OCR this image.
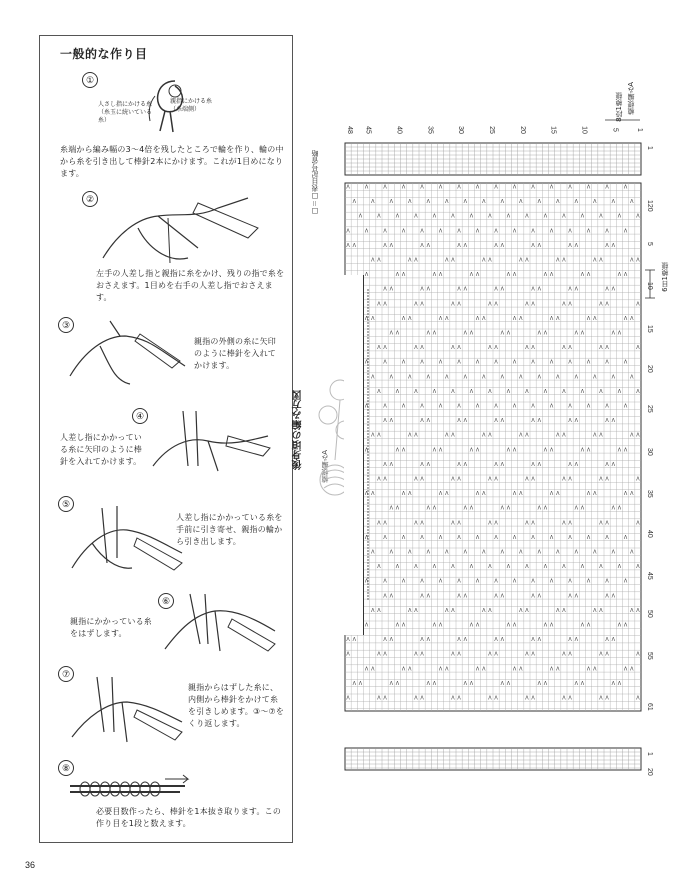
一般的な作り目
①
人さし指にかける糸（糸玉に続いている糸）
親指にかける糸（糸端側）
糸端から編み幅の3〜4倍を残したところで輪を作り、輪の中から糸を引き出して棒針2本にかけます。これが1目めになります。
②
左手の人差し指と親指に糸をかけ、残りの指で糸をおさえます。1目めを右手の人差し指でおさえます。
③
親指の外側の糸に矢印のように棒針を入れてかけます。
④
人差し指にかかっている糸に矢印のように棒針を入れてかけます。
⑤
人差し指にかかっている糸を手前に引き寄せ、親指の輪から引き出します。
⑥
親指にかかっている糸をはずします。
⑦
親指からはずした糸に、内側から棒針をかけて糸を引きしめます。③〜⑦をくり返します。
⑧
必要目数作ったら、棒針を1本抜き取ります。この作り目を1段と数えます。
後身頃の編み方図
□＝□表目記号省略
模様編みA
8段1模様
6目1模様
模様編みA
Λ	Λ	Λ	Λ	Λ	Λ	Λ	Λ	Λ	Λ	Λ	Λ	Λ	Λ	Λ	Λ
Λ	Λ	Λ	Λ	Λ	Λ	Λ	Λ	Λ	Λ	Λ	Λ	Λ	Λ	Λ	Λ
Λ	Λ	Λ	Λ	Λ	Λ	Λ	Λ	Λ	Λ	Λ	Λ	Λ	Λ	Λ	Λ
Λ	Λ	Λ	Λ	Λ	Λ	Λ	Λ	Λ	Λ	Λ	Λ	Λ	Λ	Λ	Λ
Λ Λ	Λ Λ	Λ Λ	Λ Λ	Λ Λ	Λ Λ	Λ Λ	Λ Λ
Λ Λ	Λ Λ	Λ Λ	Λ Λ	Λ Λ	Λ Λ	Λ Λ	Λ Λ
Λ	Λ Λ	Λ Λ	Λ Λ	Λ Λ	Λ Λ	Λ Λ	Λ Λ
Λ Λ	Λ Λ	Λ Λ	Λ Λ	Λ Λ	Λ Λ	Λ Λ
Λ Λ	Λ Λ	Λ Λ	Λ Λ	Λ Λ	Λ Λ	Λ Λ	Λ
Λ Λ	Λ Λ	Λ Λ	Λ Λ	Λ Λ	Λ Λ	Λ Λ	Λ Λ
Λ Λ	Λ Λ	Λ Λ	Λ Λ	Λ Λ	Λ Λ	Λ Λ
Λ Λ	Λ Λ	Λ Λ	Λ Λ	Λ Λ	Λ Λ	Λ Λ	Λ
Λ	Λ	Λ	Λ	Λ	Λ	Λ	Λ	Λ	Λ	Λ	Λ	Λ	Λ	Λ
Λ	Λ	Λ	Λ	Λ	Λ	Λ	Λ	Λ	Λ	Λ	Λ	Λ	Λ	Λ
Λ	Λ	Λ	Λ	Λ	Λ	Λ	Λ	Λ	Λ	Λ	Λ	Λ	Λ	Λ
Λ	Λ	Λ	Λ	Λ	Λ	Λ	Λ	Λ	Λ	Λ	Λ	Λ	Λ	Λ
Λ Λ	Λ Λ	Λ Λ	Λ Λ	Λ Λ	Λ Λ	Λ Λ
Λ Λ	Λ Λ	Λ Λ	Λ Λ	Λ Λ	Λ Λ	Λ Λ	Λ Λ
Λ	Λ Λ	Λ Λ	Λ Λ	Λ Λ	Λ Λ	Λ Λ	Λ Λ
Λ Λ	Λ Λ	Λ Λ	Λ Λ	Λ Λ	Λ Λ	Λ Λ
Λ Λ	Λ Λ	Λ Λ	Λ Λ	Λ Λ	Λ Λ	Λ Λ	Λ
Λ Λ	Λ Λ	Λ Λ	Λ Λ	Λ Λ	Λ Λ	Λ Λ	Λ Λ
Λ Λ	Λ Λ	Λ Λ	Λ Λ	Λ Λ	Λ Λ	Λ Λ
Λ Λ	Λ Λ	Λ Λ	Λ Λ	Λ Λ	Λ Λ	Λ Λ	Λ
Λ	Λ	Λ	Λ	Λ	Λ	Λ	Λ	Λ	Λ	Λ	Λ	Λ	Λ	Λ
Λ	Λ	Λ	Λ	Λ	Λ	Λ	Λ	Λ	Λ	Λ	Λ	Λ	Λ	Λ
Λ	Λ	Λ	Λ	Λ	Λ	Λ	Λ	Λ	Λ	Λ	Λ	Λ	Λ	Λ
Λ	Λ	Λ	Λ	Λ	Λ	Λ	Λ	Λ	Λ	Λ	Λ	Λ	Λ	Λ
Λ Λ	Λ Λ	Λ Λ	Λ Λ	Λ Λ	Λ Λ	Λ Λ
Λ Λ	Λ Λ	Λ Λ	Λ Λ	Λ Λ	Λ Λ	Λ Λ	Λ Λ
Λ	Λ Λ	Λ Λ	Λ Λ	Λ Λ	Λ Λ	Λ Λ	Λ Λ
Λ Λ	Λ Λ	Λ Λ	Λ Λ	Λ Λ	Λ Λ	Λ Λ	Λ Λ
Λ	Λ Λ	Λ Λ	Λ Λ	Λ Λ	Λ Λ	Λ Λ	Λ Λ	Λ
Λ Λ	Λ Λ	Λ Λ	Λ Λ	Λ Λ	Λ Λ	Λ Λ	Λ Λ
Λ Λ	Λ Λ	Λ Λ	Λ Λ	Λ Λ	Λ Λ	Λ Λ	Λ Λ
Λ	Λ Λ	Λ Λ	Λ Λ	Λ Λ	Λ Λ	Λ Λ	Λ Λ	Λ
48 45	40	35	30	25	20	15	10	5	1
1
120
5
10
15
20
25
30
35
40
45
50
55
61
1
20
36
